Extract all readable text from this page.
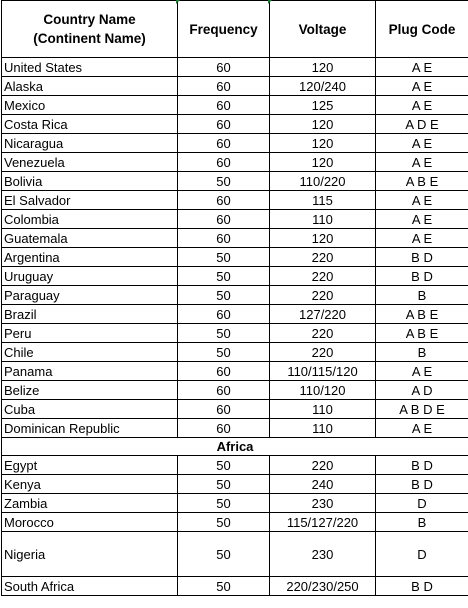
Country Name
(Continent Name)	Frequency	Voltage	Plug Code
United States	60	120	A E
Alaska	60	120/240	A E
Mexico	60	125	A E
Costa Rica	60	120	A D E
Nicaragua	60	120	A E
Venezuela	60	120	A E
Bolivia	50	110/220	A B E
El Salvador	60	115	A E
Colombia	60	110	A E
Guatemala	60	120	A E
Argentina	50	220	B D
Uruguay	50	220	B D
Paraguay	50	220	B
Brazil	60	127/220	A B E
Peru	50	220	A B E
Chile	50	220	B
Panama	60	110/115/120	A E
Belize	60	110/120	A D
Cuba	60	110	A B D E
Dominican Republic	60	110	A E
Africa			
Egypt	50	220	B D
Kenya	50	240	B D
Zambia	50	230	D
Morocco	50	115/127/220	B
Nigeria	50	230	D
South Africa	50	220/230/250	B D
